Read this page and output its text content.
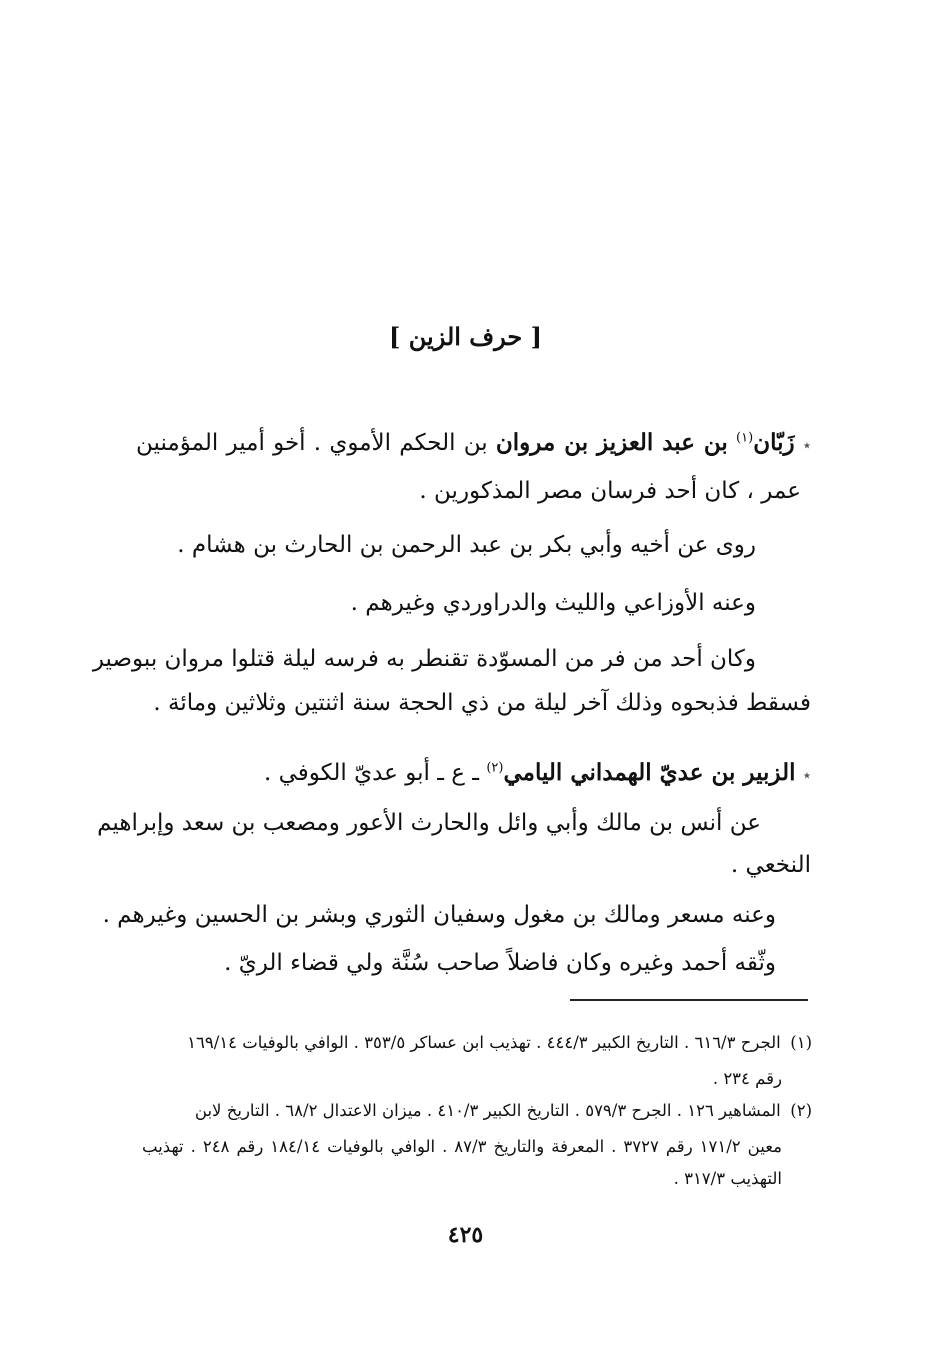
[ حرف الزين ]
٭ زَبّان$^{(١)}$ بن عبد العزيز بن مروان بن الحكم الأموي . أخو أمير المؤمنين
عمر ، كان أحد فرسان مصر المذكورين .
روى عن أخيه وأبي بكر بن عبد الرحمن بن الحارث بن هشام .
وعنه الأوزاعي والليث والدراوردي وغيرهم .
وكان أحد من فر من المسوّدة تقنطر به فرسه ليلة قتلوا مروان ببوصير
فسقط فذبحوه وذلك آخر ليلة من ذي الحجة سنة اثنتين وثلاثين ومائة .
٭ الزبير بن عديّ الهمداني اليامي$^{(٢)}$ ـ ع ـ أبو عديّ الكوفي .
عن أنس بن مالك وأبي وائل والحارث الأعور ومصعب بن سعد وإبراهيم
النخعي .
وعنه مسعر ومالك بن مغول وسفيان الثوري وبشر بن الحسين وغيرهم .
وثّقه أحمد وغيره وكان فاضلاً صاحب سُنَّة ولي قضاء الريّ .
(١) الجرح ٦١٦/٣ . التاريخ الكبير ٤٤٤/٣ . تهذيب ابن عساكر ٣٥٣/٥ . الوافي بالوفيات ١٦٩/١٤
رقم ٢٣٤ .
(٢) المشاهير ١٢٦ . الجرح ٥٧٩/٣ . التاريخ الكبير ٤١٠/٣ . ميزان الاعتدال ٦٨/٢ . التاريخ لابن
معين ١٧١/٢ رقم ٣٧٢٧ . المعرفة والتاريخ ٨٧/٣ . الوافي بالوفيات ١٨٤/١٤ رقم ٢٤٨ . تهذيب
التهذيب ٣١٧/٣ .
٤٢٥
